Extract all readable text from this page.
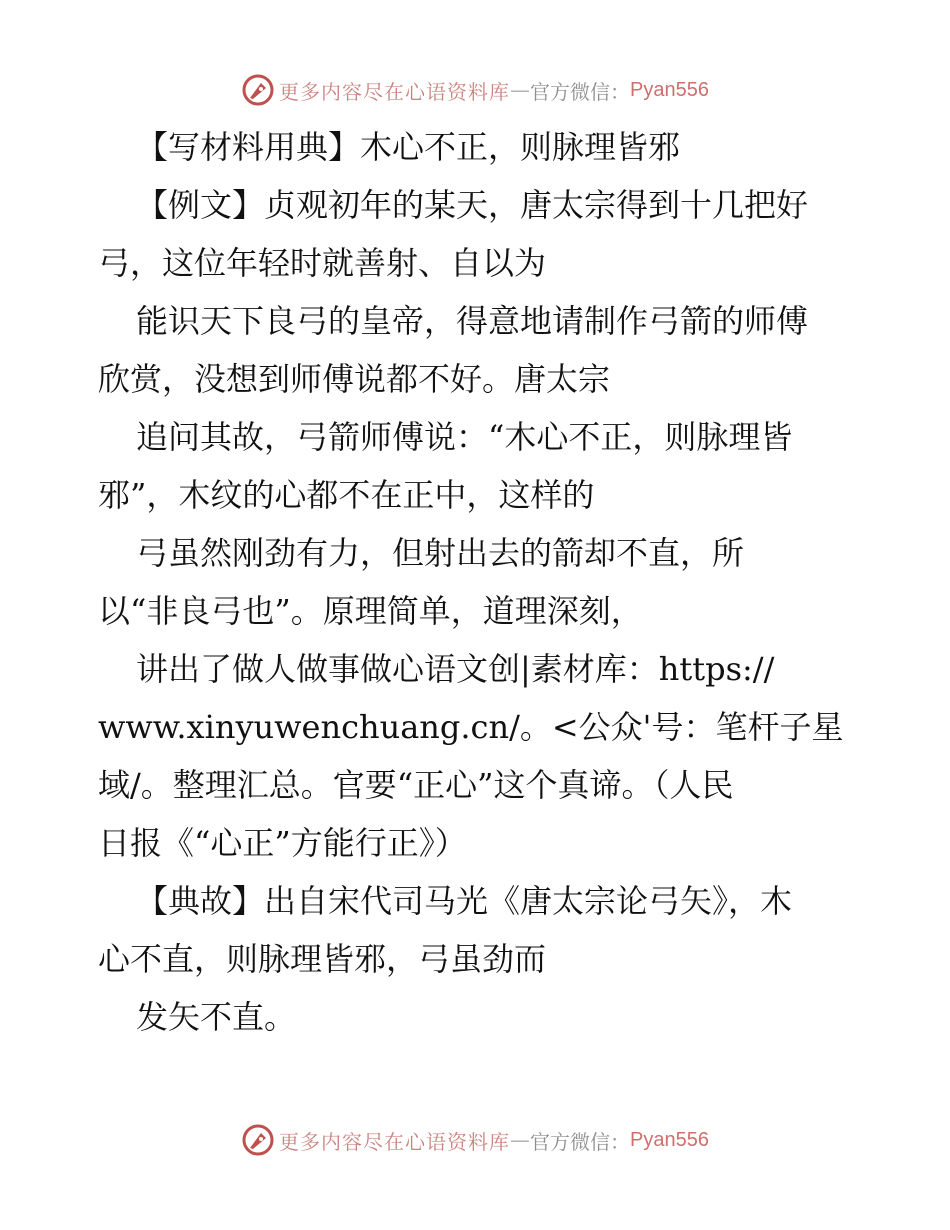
更多内容尽在心语资料库 — 官方微信： Pyan556
【写材料用典】木心不正，则脉理皆邪
【例文】贞观初年的某天，唐太宗得到十几把好
弓，这位年轻时就善射、自以为
能识天下良弓的皇帝，得意地请制作弓箭的师傅
欣赏，没想到师傅说都不好。唐太宗
追问其故，弓箭师傅说：“木心不正，则脉理皆
邪”，木纹的心都不在正中，这样的
弓虽然刚劲有力，但射出去的箭却不直，所
以“非良弓也”。原理简单，道理深刻，
讲出了做人做事做心语文创|素材库：https://
www.xinyuwenchuang.cn/。<公众'号：笔杆子星
域/。整理汇总。官要“正心”这个真谛。（人民
日报《“心正”方能行正》）
【典故】出自宋代司马光《唐太宗论弓矢》，木
心不直，则脉理皆邪，弓虽劲而
发矢不直。
更多内容尽在心语资料库 — 官方微信： Pyan556
